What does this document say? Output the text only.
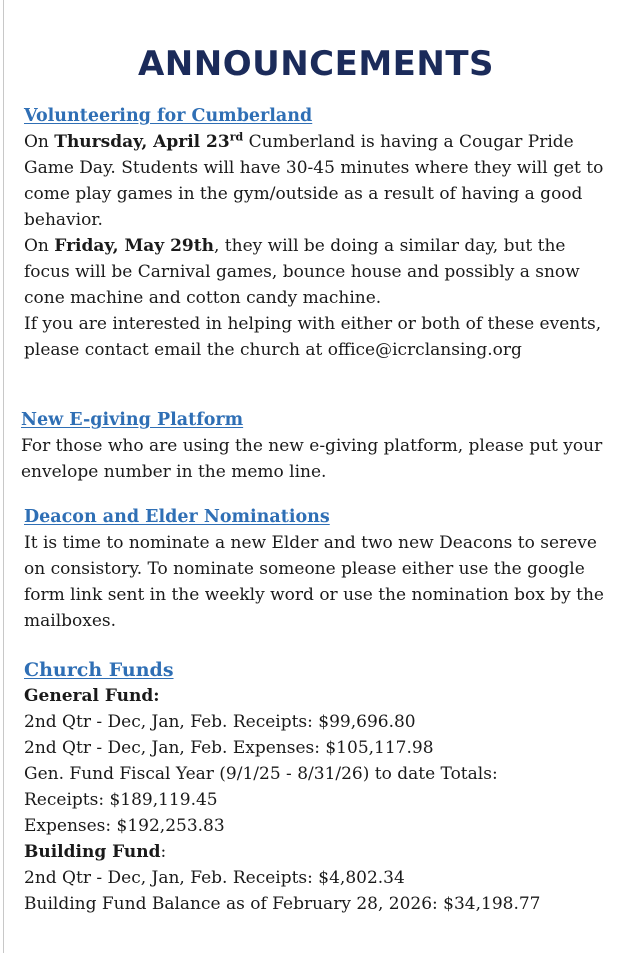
ANNOUNCEMENTS
Volunteering for Cumberland

On Thursday, April 23rd Cumberland is having a Cougar Pride Game Day. Students will have 30-45 minutes where they will get to come play games in the gym/outside as a result of having a good behavior.

On Friday, May 29th, they will be doing a similar day, but the focus will be Carnival games, bounce house and possibly a snow cone machine and cotton candy machine.

If you are interested in helping with either or both of these events, please contact email the church at office@icrclansing.org

New E-giving Platform

For those who are using the new e-giving platform, please put your envelope number in the memo line.

Deacon and Elder Nominations

It is time to nominate a new Elder and two new Deacons to sereve on consistory. To nominate someone please either use the google form link sent in the weekly word or use the nomination box by the mailboxes.

Church Funds
General Fund:
2nd Qtr - Dec, Jan, Feb. Receipts: $99,696.80
2nd Qtr - Dec, Jan, Feb. Expenses: $105,117.98
Gen. Fund Fiscal Year (9/1/25 - 8/31/26) to date Totals:
Receipts: $189,119.45
Expenses: $192,253.83
Building Fund:
2nd Qtr - Dec, Jan, Feb. Receipts: $4,802.34
Building Fund Balance as of February 28, 2026: $34,198.77
